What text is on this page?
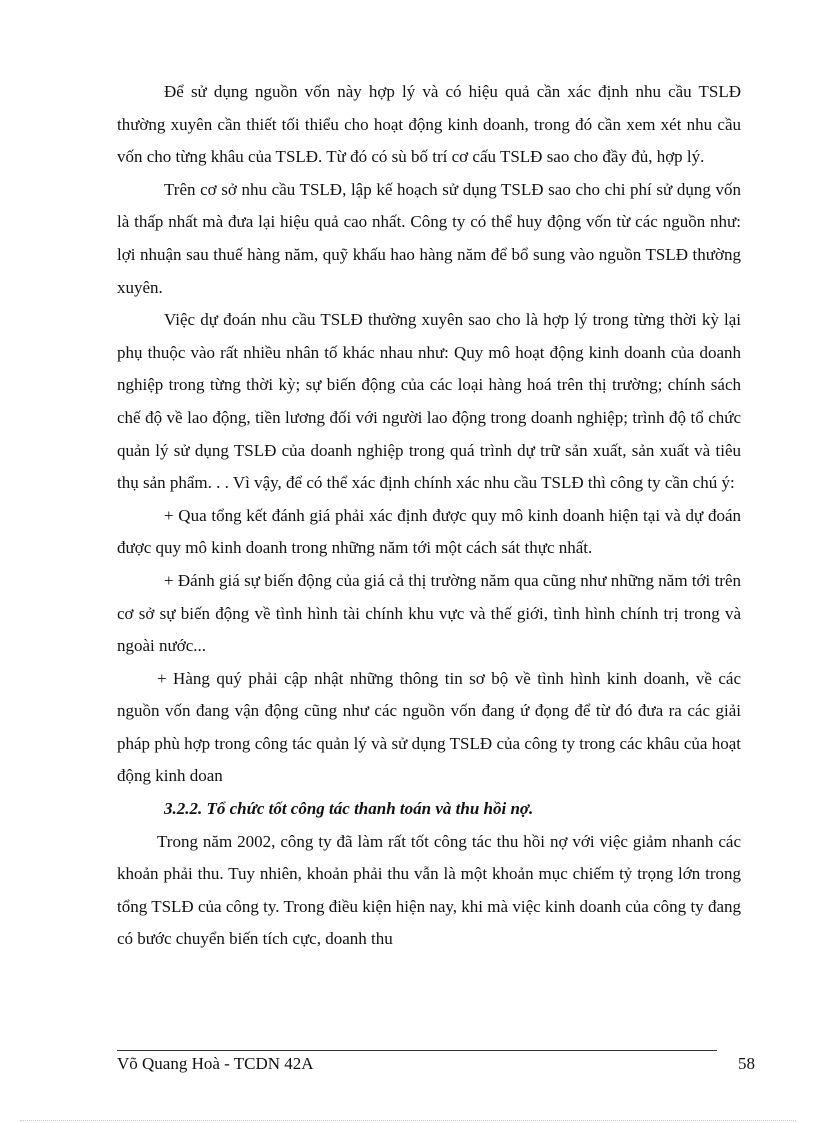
Để sử dụng nguồn vốn này hợp lý và có hiệu quả cần xác định nhu cầu TSLĐ thường xuyên cần thiết tối thiểu cho hoạt động kinh doanh, trong đó cần xem xét nhu cầu vốn cho từng khâu của TSLĐ. Từ đó có sù bố trí cơ cấu TSLĐ sao cho đầy đủ, hợp lý.

Trên cơ sở nhu cầu TSLĐ, lập kế hoạch sử dụng TSLĐ sao cho chi phí sử dụng vốn là thấp nhất mà đưa lại hiệu quả cao nhất. Công ty có thể huy động vốn từ các nguồn như: lợi nhuận sau thuế hàng năm, quỹ khấu hao hàng năm để bổ sung vào nguồn TSLĐ thường xuyên.

Việc dự đoán nhu cầu TSLĐ thường xuyên sao cho là hợp lý trong từng thời kỳ lại phụ thuộc vào rất nhiều nhân tố khác nhau như: Quy mô hoạt động kinh doanh của doanh nghiệp trong từng thời kỳ; sự biến động của các loại hàng hoá trên thị trường; chính sách chế độ về lao động, tiền lương đối với người lao động trong doanh nghiệp; trình độ tổ chức quản lý sử dụng TSLĐ của doanh nghiệp trong quá trình dự trữ sản xuất, sản xuất và tiêu thụ sản phẩm. . . Vì vậy, để có thể xác định chính xác nhu cầu TSLĐ thì công ty cần chú ý:

+ Qua tổng kết đánh giá phải xác định được quy mô kinh doanh hiện tại và dự đoán được quy mô kinh doanh trong những năm tới một cách sát thực nhất.

+ Đánh giá sự biến động của giá cả thị trường năm qua cũng như những năm tới trên cơ sở sự biến động về tình hình tài chính khu vực và thế giới, tình hình chính trị trong và ngoài nước...

+ Hàng quý phải cập nhật những thông tin sơ bộ về tình hình kinh doanh, về các nguồn vốn đang vận động cũng như các nguồn vốn đang ứ đọng để từ đó đưa ra các giải pháp phù hợp trong công tác quản lý và sử dụng TSLĐ của công ty trong các khâu của hoạt động kinh doan

3.2.2. Tổ chức tốt công tác thanh toán và thu hồi nợ.

Trong năm 2002, công ty đã làm rất tốt công tác thu hồi nợ với việc giảm nhanh các khoản phải thu. Tuy nhiên, khoản phải thu vẫn là một khoản mục chiếm tỷ trọng lớn trong tổng TSLĐ của công ty. Trong điều kiện hiện nay, khi mà việc kinh doanh của công ty đang có bước chuyển biến tích cực, doanh thu

Võ Quang Hoà - TCDN 42A	58
